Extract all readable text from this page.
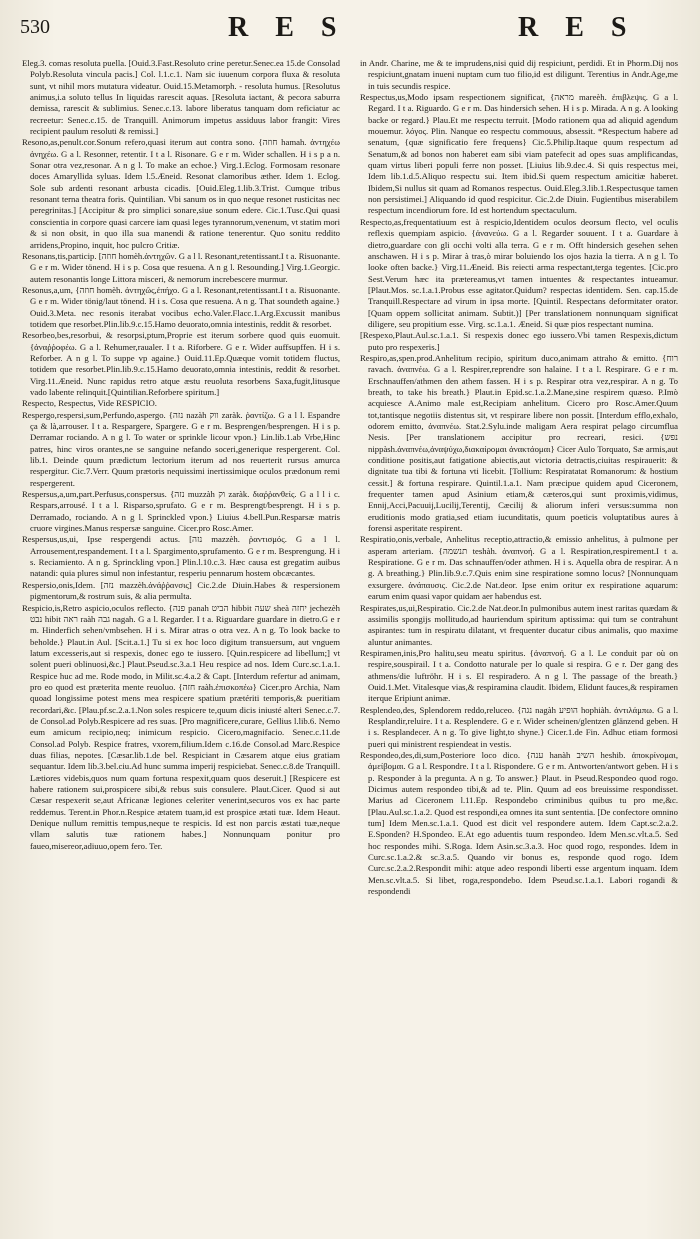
530	R E S	R E S

Eleg.3. comas resoluta puella. [Ouid.3.Fast.Resoluto crine peretur.Senec.ea 15.de Consolad Polyb.Resoluta vincula pacis.] Col. l.1.c.1. Nam sic iuuenum corpora fluxa & resoluta sunt, vt nihil mors mutatura videatur. Ouid.15.Metamorph. - resoluta humus. [Resolutus animus,i.a soluto tellus In liquidas rarescit aquas. [Resoluta iactant, & pecora saburra demissa, rarescit & sublimius. Senec.c.13. labore liberatus tanquam dom reficiatur ac recreetur: Senec.c.15. de Tranquill. Animorum impetus assiduus labor frangit: Vires recipient paulum resoluti & remissi.]

Resono,as,penult.cor.Sonum refero,quasi iterum aut contra sono. {חוזה hamah. ἀντηχέω ἀνηχέω. G a l. Resonner, retentir. I t a l. Risonare. G e r m. Wider schallen. H i s p a n. Sonar otra vez,resonar. A n g l. To make an echoe.} Virg.1.Eclog. Formosam resonare doces Amaryllida syluas. Idem l.5.Æneid. Resonat clamoribus æther. Idem 1. Eclog. Sole sub ardenti resonant arbusta cicadis. [Ouid.Eleg.1.lib.3.Trist. Cumque tribus resonant terna theatra foris. Quintilian. Vbi sanum os in quo neque resonet rusticitas nec peregrinitas.] [Accipitur & pro simplici sonare,siue sonum edere. Cic.1.Tusc.Qui quasi conscientia in corpore quasi carcere iam quasi leges tyrannorum,venenum, vt statim mori & si non obsit, in quo illa sua manendi & ratione tenerentur. Quo sonitu reddito arridens,Propino, inquit, hoc pulcro Critiæ.

Resonans,tis,particip. [חוזה homèh.ἀντηχῶν. G a l l. Resonant,retentissant.I t a. Risuonante. G e r m. Wider tönend. H i s p. Cosa que resuena. A n g l. Resounding.] Virg.1.Georgic. autem resonantis longe Littora misceri, & nemorum increbescere murmur.

Resonus,a,um, {חוזה homèh. ἀντηχῶς,ἐπήχο. G a l. Resonant,retentissant.I t a. Risuonante. G e r m. Wider tönig/laut tönend. H i s. Cosa que resuena. A n g. That soundeth againe.} Ouid.3.Meta. nec resonis iterabat vocibus echo.Valer.Flacc.1.Arg.Excussit manibus totidem que resorbet.Plin.lib.9.c.15.Hamo deuorato,omnia intestinis, reddit & resorbet.

Resorbeo,bes,resorbui, & resorpsi,ptum,Proprie est iterum sorbere quod quis euomuit. {ἀναῤῥοφέω. G a l. Rehumer,raualer. I t a. Riforbere. G e r. Wider auffsupffen. H i s. Reforber. A n g l. To suppe vp againe.} Ouid.11.Ep.Quæque vomit totidem fluctus, totidem que resorbet.Plin.lib.9.c.15.Hamo deuorato,omnia intestinis, reddit & resorbet. Virg.11.Æneid. Nunc rapidus retro atque æstu reuoluta resorbens Saxa,fugit,litusque vado labente relinquit.[Quintilian.Reforbere spiritum.]

Respecto, Respectus, Vide RESPICIO.

Respergo,respersi,sum,Perfundo,aspergo. {נזה nazàh ווק zaràk. ῥαντίζω. G a l l. Espandre ça & là,arrouser. I t a. Respargere, Spargere. G e r m. Besprengen/besprengen. H i s p. Derramar rociando. A n g l. To water or sprinkle licour vpon.} Lin.lib.1.ab Vrbe,Hinc patres, hinc viros orantes,ne se sanguine nefando soceri,generique respergerent. Col. lib.1. Deinde quum prædictum lectorium iterum ad nos reuerterit rursus amurca respergitur. Cic.7.Verr. Quum prætoris nequissimi inertissimique oculos prædonum remi respergerent.

Respersus,a,um,part.Perfusus,conspersus. {נזה muzzàh וק zaràk. διαῤῥανθείς. G a l l i c. Respars,arrousé. I t a l. Risparso,sprufato. G e r m. Besprengt/besprengt. H i s p. Derramado, rociando. A n g l. Sprinckled vpon.} Liuius 4.bell.Pun.Resparsæ matris cruore virgines.Manus respersæ sanguine. Cicer.pro Rosc.Amer.

Respersus,us,ui, Ipse respergendi actus. [נזה mazzèh. ῥαντισμός. G a l l. Arrousement,respandement. I t a l. Spargimento,sprufamento. G e r m. Besprengung. H i s. Reciamiento. A n g. Sprinckling vpon.] Plin.l.10.c.3. Hæc causa est gregatim auibus natandi: quia plures simul non infestantur, resperiu pennarum hostem obcæcantes.

Respersio,onis,Idem. [נזה mazzèh.ἀνάῤῥανσις] Cic.2.de Diuin.Habes & respersionem pigmentorum,& rostrum suis, & alia permulta.

Respicio,is,Retro aspicio,oculos reflecto. {פנה panah הביט hibbit שעה sheà יחזה jechezèh נבט hibit ראה raàh גבה nagah. G a l. Regarder. I t a. Riguardare guardare in dietro.G e r m. Hinderfich sehen/vmbsehen. H i s. Mirar atras o otra vez. A n g. To look backe to beholde.} Plaut.in Aul. [Scit.a.1.] Tu si ex hoc loco digitum transuersum, aut vnguem latum excesseris,aut si respexis, donec ego te iussero. [Quin.respicere ad libellum;] vt solent pueri oblinuosi,&c.] Plaut.Pseud.sc.3.a.1 Heu respice ad nos. Idem Curc.sc.1.a.1. Respice huc ad me. Rode modo, in Milit.sc.4.a.2 & Capt. [Interdum refertur ad animam, pro eo quod est præterita mente reuoluo. {חזה raàh.ἐπισκοπέω} Cicer.pro Archia, Nam quoad longissime potest mens mea respicere spatium prætériti temporis,& pueritiam recordari,&c. [Plau.pf.sc.2.a.1.Non soles respicere te,quum dicis iniusté alteri Senec.c.7. de Consol.ad Polyb.Respicere ad res suas. [Pro magnificere,curare, Gellius l.lib.6. Nemo eum amicum recipio,neq; inimicum respicio. Cicero,magnifacio. Senec.c.11.de Consol.ad Polyb. Respice fratres, vxorem,filium.Idem c.16.de Consol.ad Marc.Respice duas filias, nepotes. [Cæsar.lib.1.de bel. Respiciant in Cæsarem atque eius gratiam sequantur. Idem lib.3.bel.ciu.Ad hunc summa imperij respiciebat. Senec.c.8.de Tranquill. Lætiores videbis,quos num quam fortuna respexit,quam quos deseruit.] [Respicere est habere rationem sui,prospicere sibi,& rebus suis consulere. Plaut.Cicer. Quod si aut Cæsar respexerit se,aut Africanæ legiones celeriter venerint,securos vos ex hac parte reddemus. Terent.in Phor.n.Respice ætatem tuam,id est prospice ætati tuæ. Idem Heaut. Denique nullum remittis tempus,neque te respicis. Id est non parcis æstati tuæ,neque vllam salutis tuæ rationem habes.] Nonnunquam ponitur pro faueo,misereor,adiuuo,opem fero. Ter.

in Andr. Charine, me & te imprudens,nisi quid dij respiciunt, perdidi. Et in Phorm.Dij nos respiciunt,gnatam inueni nuptam cum tuo filio,id est diligunt. Terentius in Andr.Age,me in tuis secundis respice.

Respectus,us,Modo ipsam respectionem significat, {מראה mareèh. ἐπιβλεψις. G a l. Regard. I t a. Riguardo. G e r m. Das hindersich sehen. H i s p. Mirada. A n g. A looking backe or regard.} Plau.Et me respectu terruit. [Modo rationem qua ad aliquid agendum mouemur. λόγος. Plin. Nanque eo respectu commouus, absessit. *Respectum habere ad senatum, {quæ significatio fere frequens} Cic.5.Philip.Itaque quum respectum ad Senatum,& ad bonos non haberet eam sibi viam patefecit ad opes suas amplificandas, quam virtus liberi populi ferre non posset. [Liuius lib.9.dec.4. Si quis respectus mei, Idem lib.1.d.5.Aliquo respectu sui. Item ibid.Si quem respectum amicitiæ haberet. Ibidem,Si nullus sit quam ad Romanos respectus. Ouid.Eleg.3.lib.1.Respectusque tamen non persistimei.] Aliquando id quod respicitur. Cic.2.de Diuin. Fugientibus miserabilem respectum incendiorum fore. Id est hortendum spectaculum.

Respecto,as,frequentatiuum est à respicio,Identidem oculos deorsum flecto, vel oculis reflexis quempiam aspicio. {ἀνανεύω. G a l. Regarder souuent. I t a. Guardare à dietro,guardare con gli occhi volti alla terra. G e r m. Offt hindersich gesehen sehen anschawen. H i s p. Mirar à tras,ò mirar boluiendo los ojos hazia la tierra. A n g l. To looke often backe.} Virg.11.Æneid. Bis reiecti arma respectant,terga tegentes. [Cic.pro Sest.Verum hæc ita prætereamus,vt tamen intuentes & respectantes intueamur. [Plaut.Mos. sc.1.a.1.Probus esse agitator.Quidum? respectas identidem. Sen. cap.15.de Tranquill.Respectare ad virum in ipsa morte. [Quintil. Respectans deformitater orator. [Quam oppem sollicitat animam. Subtit.)] [Per translationem nonnunquam significat diligere, seu propitium esse. Virg. sc.1.a.1. Æneid. Si quæ pios respectant numina.

[Respexo,Plaut.Aul.sc.1.a.1. Si respexis donec ego iussero.Vbi tamen Respexis,dictum puto pro respexeris.]

Respiro,as,spen.prod.Anhelitum recipio, spiritum duco,animam attraho & emitto. {רוח ravach. ἀναπνέω. G a l. Respirer,reprendre son halaine. I t a l. Respirare. G e r m. Erschnauffen/athmen den athem fassen. H i s p. Respirar otra vez,respirar. A n g. To breath, to take his breath.} Plaut.in Epid.sc.1.a.2.Mane,sine respirem quæso. P.Imò acquiesce A.Animo male est,Recipiam anhelitum. Cicero pro Rosc.Amer.Quum tot,tantisque negotiis distentus sit, vt respirare libere non possit. [Interdum efflo,exhalo, odorem emitto, ἀναπνέω. Stat.2.Sylu.inde maligam Aera respirat pelago circumflua Nesis. [Per translationem accipitur pro recreari, resici. {נפש nippàsh.ἀναπνέω,ἀναψύχω,διακαίρομαι ἀνακτάομαι} Cicer Aulo Torquato, Sæ armis,aut conditione positis,aut fatigatione abiectis,aut victoria detractis,ciuitas respirauerit: & dignitate tua tibi & fortuna vti licebit. [Tollium: Respiratatat Romanorum: & hostium cessit.] & fortuna respirare. Quintil.1.a.1. Nam præcipue quidem apud Ciceronem, frequenter tamen apud Asinium etiam,& cæteros,qui sunt proximis,vidimus, Ennij,Acci,Pacuuij,Lucilij,Terentij, Cæcilij & aliorum inferi versus:summa non eruditionis modo gratia,sed etiam iucunditatis, quum poeticis voluptatibus aures à forensi asperitate respirent.

Respiratio,onis,verbale, Anhelitus receptio,attractio,& emissio anhelitus, à pulmone per asperam arteriam. {תנשמה teshàh. ἀναπνοή. G a l. Respiration,respirement.I t a. Respiratione. G e r m. Das schnauffen/oder athmen. H i s. Aquella obra de respirar. A n g. A breathing.} Plin.lib.9.c.7.Quis enim sine respiratione somno locus? [Nonnunquam exsurgere. ἀνάπαυσις. Cic.2.de Nat.deor. Ipse enim oritur ex respiratione aquarum: earum enim quasi vapor quidam aer habendus est.

Respirates,us,ui,Respiratio. Cic.2.de Nat.deor.In pulmonibus autem inest raritas quædam & assimilis spongijs mollitudo,ad hauriendum spiritum aptissima: qui tum se contrahunt aspirantes: tum in respiratu dilatant, vt frequenter ducatur cibus animalis, quo maxime aluntur animantes.

Respiramen,inis,Pro halitu,seu meatu spiritus. {ἀναπνοή. G a l. Le conduit par où on respire,souspirail. I t a. Condotto naturale per lo quale si respira. G e r. Der gang des athmens/die luftröhr. H i s. El respiradero. A n g l. The passage of the breath.} Ouid.1.Met. Vitalesque vias,& respiramina claudit. Ibidem, Elidunt fauces,& respiramen iterque Eripiunt animæ.

Resplendeo,des, Splendorem reddo,reluceo. {נגה nagàh הופיע hophiàh. ἀντιλάμπω. G a l. Resplandir,reluire. I t a. Resplendere. G e r. Wider scheinen/glentzen glänzend geben. H i s. Resplandecer. A n g. To give light,to shyne.} Cicer.1.de Fin. Adhuc etiam formosi pueri qui ministrent respiendeat in vestis.

Respondeo,des,di,sum,Posteriore loco dico. {ענה hanàh השיב heshib. ἀποκρίνομαι, ἀμείβομαι. G a l. Respondre. I t a l. Rispondere. G e r m. Antworten/antwort geben. H i s p. Responder à la pregunta. A n g. To answer.} Plaut. in Pseud.Respondeo quod rogo. Dicimus autem respondeo tibi,& ad te. Plin. Quum ad eos breuissime respondisset. Marius ad Ciceronem l.11.Ep. Respondebo criminibus quibus tu pro me,&c. [Plau.Aul.sc.1.a.2. Quod est respondi,ea omnes ita sunt sententia. [De confectore omnino tum] Idem Men.sc.1.a.1. Quod est dicit vel respondere autem. Idem Capt.sc.2.a.2. E.Sponden? H.Spondeo. E.At ego aduentis tuum respondeo. Idem Men.sc.vlt.a.5. Sed hoc respondes mihi. S.Roga. Idem Asin.sc.3.a.3. Hoc quod rogo, respondes. Idem in Curc.sc.1.a.2.& sc.3.a.5. Quando vir bonus es, responde quod rogo. Idem Curc.sc.2.a.2.Respondit mihi: atque adeo respondi liberti esse argentum inquam. Idem Men.sc.vlt.a.5. Si libet, roga,respondebo. Idem Pseud.sc.1.a.1. Labori rogandi & respondendi
